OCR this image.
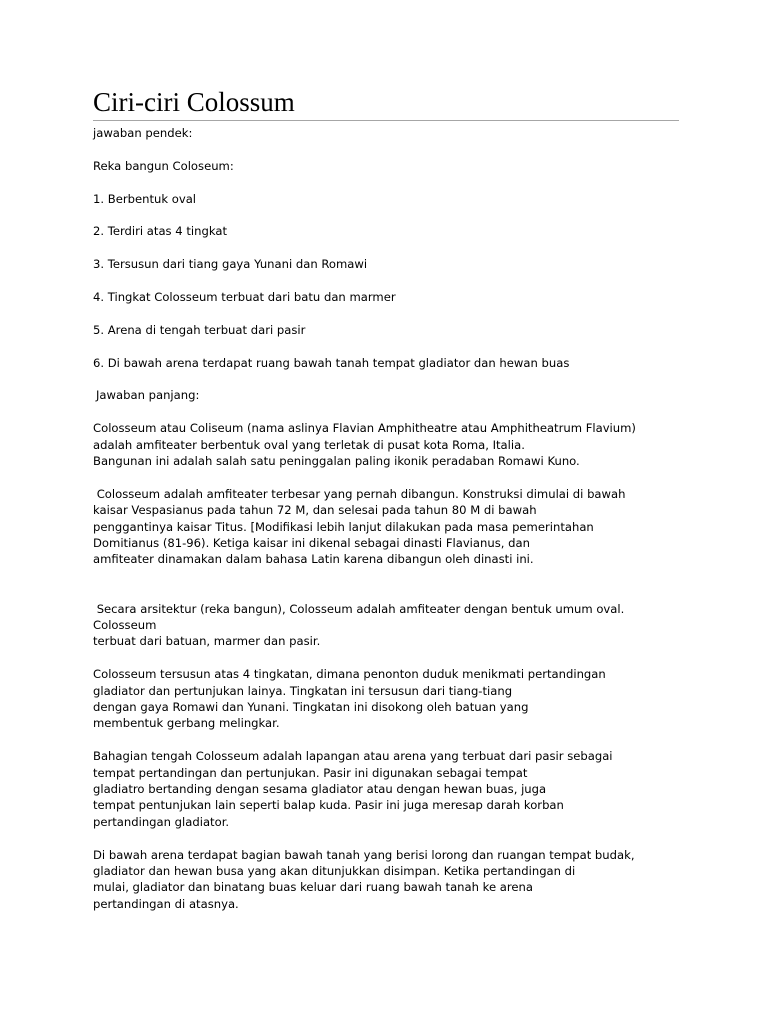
Ciri-ciri Colossum

jawaban pendek:

Reka bangun Coloseum:

1. Berbentuk oval

2. Terdiri atas 4 tingkat

3. Tersusun dari tiang gaya Yunani dan Romawi

4. Tingkat Colosseum terbuat dari batu dan marmer

5. Arena di tengah terbuat dari pasir

6. Di bawah arena terdapat ruang bawah tanah tempat gladiator dan hewan buas

Jawaban panjang:

Colosseum atau Coliseum (nama aslinya Flavian Amphitheatre atau Amphitheatrum Flavium)

adalah amfiteater berbentuk oval yang terletak di pusat kota Roma, Italia.

Bangunan ini adalah salah satu peninggalan paling ikonik peradaban Romawi Kuno.

Colosseum adalah amfiteater terbesar yang pernah dibangun. Konstruksi dimulai di bawah

kaisar Vespasianus pada tahun 72 M, dan selesai pada tahun 80 M di bawah

penggantinya kaisar Titus. [Modifikasi lebih lanjut dilakukan pada masa pemerintahan

Domitianus (81-96). Ketiga kaisar ini dikenal sebagai dinasti Flavianus, dan

amfiteater dinamakan dalam bahasa Latin karena dibangun oleh dinasti ini.

Secara arsitektur (reka bangun), Colosseum adalah amfiteater dengan bentuk umum oval.

Colosseum

terbuat dari batuan, marmer dan pasir.

Colosseum tersusun atas 4 tingkatan, dimana penonton duduk menikmati pertandingan

gladiator dan pertunjukan lainya. Tingkatan ini tersusun dari tiang-tiang

dengan gaya Romawi dan Yunani. Tingkatan ini disokong oleh batuan yang

membentuk gerbang melingkar.

Bahagian tengah Colosseum adalah lapangan atau arena yang terbuat dari pasir sebagai

tempat pertandingan dan pertunjukan. Pasir ini digunakan sebagai tempat

gladiatro bertanding dengan sesama gladiator atau dengan hewan buas, juga

tempat pentunjukan lain seperti balap kuda. Pasir ini juga meresap darah korban

pertandingan gladiator.

Di bawah arena terdapat bagian bawah tanah yang berisi lorong dan ruangan tempat budak,

gladiator dan hewan busa yang akan ditunjukkan disimpan. Ketika pertandingan di

mulai, gladiator dan binatang buas keluar dari ruang bawah tanah ke arena

pertandingan di atasnya.
